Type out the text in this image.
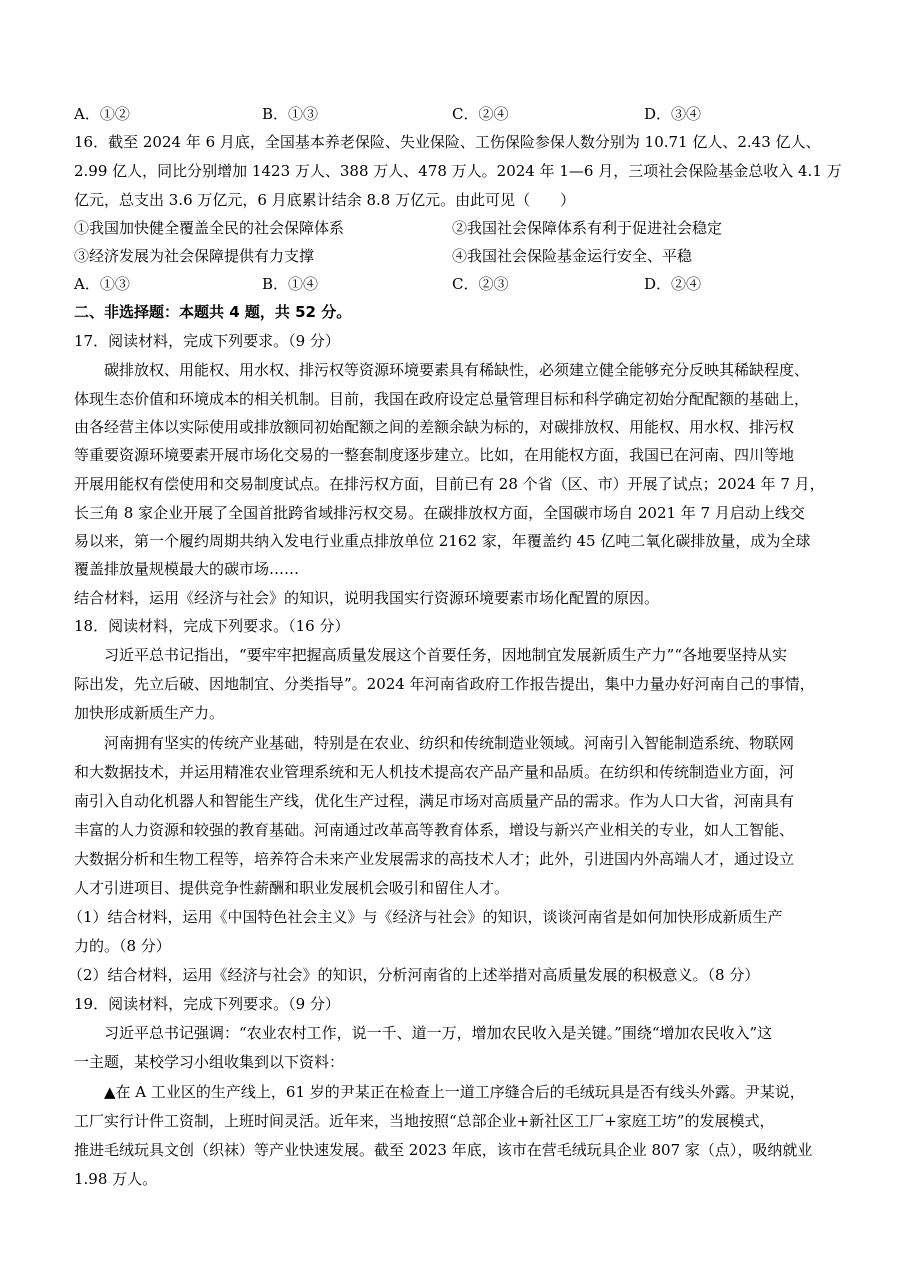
A．①②	B．①③	C．②④	D．③④
16．截至 2024 年 6 月底，全国基本养老保险、失业保险、工伤保险参保人数分别为 10.71 亿人、2.43 亿人、
2.99 亿人，同比分别增加 1423 万人、388 万人、478 万人。2024 年 1—6 月，三项社会保险基金总收入 4.1 万
亿元，总支出 3.6 万亿元，6 月底累计结余 8.8 万亿元。由此可见（　　）
①我国加快健全覆盖全民的社会保障体系	②我国社会保障体系有利于促进社会稳定
③经济发展为社会保障提供有力支撑	④我国社会保险基金运行安全、平稳
A．①③	B．①④	C．②③	D．②④
二、非选择题：本题共 4 题，共 52 分。
17．阅读材料，完成下列要求。（9 分）
碳排放权、用能权、用水权、排污权等资源环境要素具有稀缺性，必须建立健全能够充分反映其稀缺程度、
体现生态价值和环境成本的相关机制。目前，我国在政府设定总量管理目标和科学确定初始分配配额的基础上，
由各经营主体以实际使用或排放额同初始配额之间的差额余缺为标的，对碳排放权、用能权、用水权、排污权
等重要资源环境要素开展市场化交易的一整套制度逐步建立。比如，在用能权方面，我国已在河南、四川等地
开展用能权有偿使用和交易制度试点。在排污权方面，目前已有 28 个省（区、市）开展了试点；2024 年 7 月，
长三角 8 家企业开展了全国首批跨省域排污权交易。在碳排放权方面，全国碳市场自 2021 年 7 月启动上线交
易以来，第一个履约周期共纳入发电行业重点排放单位 2162 家，年覆盖约 45 亿吨二氧化碳排放量，成为全球
覆盖排放量规模最大的碳市场……
结合材料，运用《经济与社会》的知识，说明我国实行资源环境要素市场化配置的原因。
18．阅读材料，完成下列要求。（16 分）
习近平总书记指出，“要牢牢把握高质量发展这个首要任务，因地制宜发展新质生产力”“各地要坚持从实
际出发，先立后破、因地制宜、分类指导”。2024 年河南省政府工作报告提出，集中力量办好河南自己的事情，
加快形成新质生产力。
河南拥有坚实的传统产业基础，特别是在农业、纺织和传统制造业领域。河南引入智能制造系统、物联网
和大数据技术，并运用精准农业管理系统和无人机技术提高农产品产量和品质。在纺织和传统制造业方面，河
南引入自动化机器人和智能生产线，优化生产过程，满足市场对高质量产品的需求。作为人口大省，河南具有
丰富的人力资源和较强的教育基础。河南通过改革高等教育体系，增设与新兴产业相关的专业，如人工智能、
大数据分析和生物工程等，培养符合未来产业发展需求的高技术人才；此外，引进国内外高端人才，通过设立
人才引进项目、提供竞争性薪酬和职业发展机会吸引和留住人才。
（1）结合材料，运用《中国特色社会主义》与《经济与社会》的知识，谈谈河南省是如何加快形成新质生产
力的。（8 分）
（2）结合材料，运用《经济与社会》的知识，分析河南省的上述举措对高质量发展的积极意义。（8 分）
19．阅读材料，完成下列要求。（9 分）
习近平总书记强调：“农业农村工作，说一千、道一万，增加农民收入是关键。”围绕“增加农民收入”这
一主题，某校学习小组收集到以下资料：
▲在 A 工业区的生产线上，61 岁的尹某正在检查上一道工序缝合后的毛绒玩具是否有线头外露。尹某说，
工厂实行计件工资制，上班时间灵活。近年来，当地按照“总部企业+新社区工厂+家庭工坊”的发展模式，
推进毛绒玩具文创（织袜）等产业快速发展。截至 2023 年底，该市在营毛绒玩具企业 807 家（点），吸纳就业
1.98 万人。
